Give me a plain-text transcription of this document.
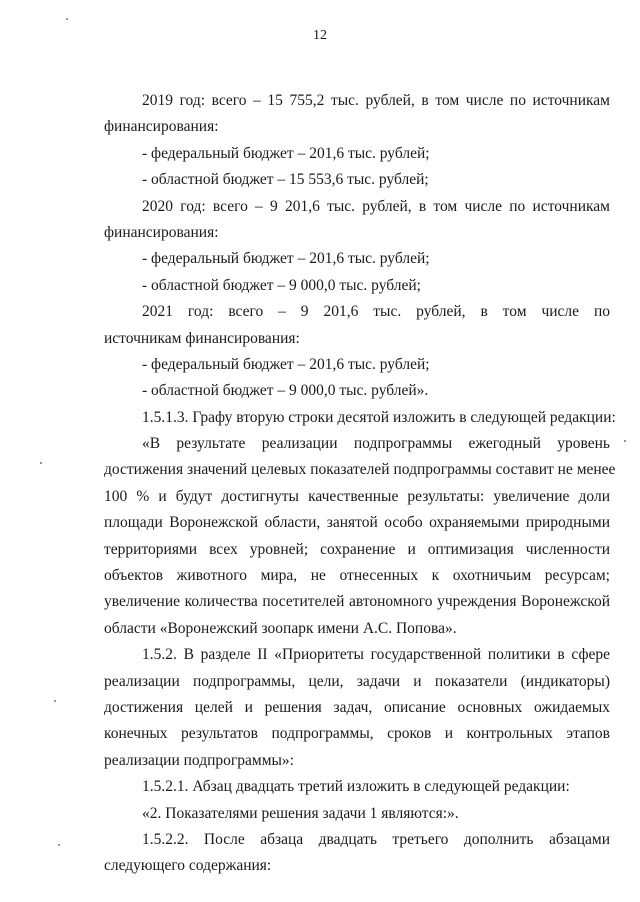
12
2019 год: всего – 15 755,2 тыс. рублей, в том числе по источникам
финансирования:
- федеральный бюджет – 201,6 тыс. рублей;
- областной бюджет – 15 553,6 тыс. рублей;
2020 год: всего – 9 201,6 тыс. рублей, в том числе по источникам
финансирования:
- федеральный бюджет – 201,6 тыс. рублей;
- областной бюджет – 9 000,0 тыс. рублей;
2021 год: всего – 9 201,6 тыс. рублей, в том числе по
источникам финансирования:
- федеральный бюджет – 201,6 тыс. рублей;
- областной бюджет – 9 000,0 тыс. рублей».
1.5.1.3. Графу вторую строки десятой изложить в следующей редакции:
«В результате реализации подпрограммы ежегодный уровень
достижения значений целевых показателей подпрограммы составит не менее
100 % и будут достигнуты качественные результаты: увеличение доли
площади Воронежской области, занятой особо охраняемыми природными
территориями всех уровней; сохранение и оптимизация численности
объектов животного мира, не отнесенных к охотничьим ресурсам;
увеличение количества посетителей автономного учреждения Воронежской
области «Воронежский зоопарк имени А.С. Попова».
1.5.2. В разделе II «Приоритеты государственной политики в сфере
реализации подпрограммы, цели, задачи и показатели (индикаторы)
достижения целей и решения задач, описание основных ожидаемых
конечных результатов подпрограммы, сроков и контрольных этапов
реализации подпрограммы»:
1.5.2.1. Абзац двадцать третий изложить в следующей редакции:
«2. Показателями решения задачи 1 являются:».
1.5.2.2. После абзаца двадцать третьего дополнить абзацами
следующего содержания:
